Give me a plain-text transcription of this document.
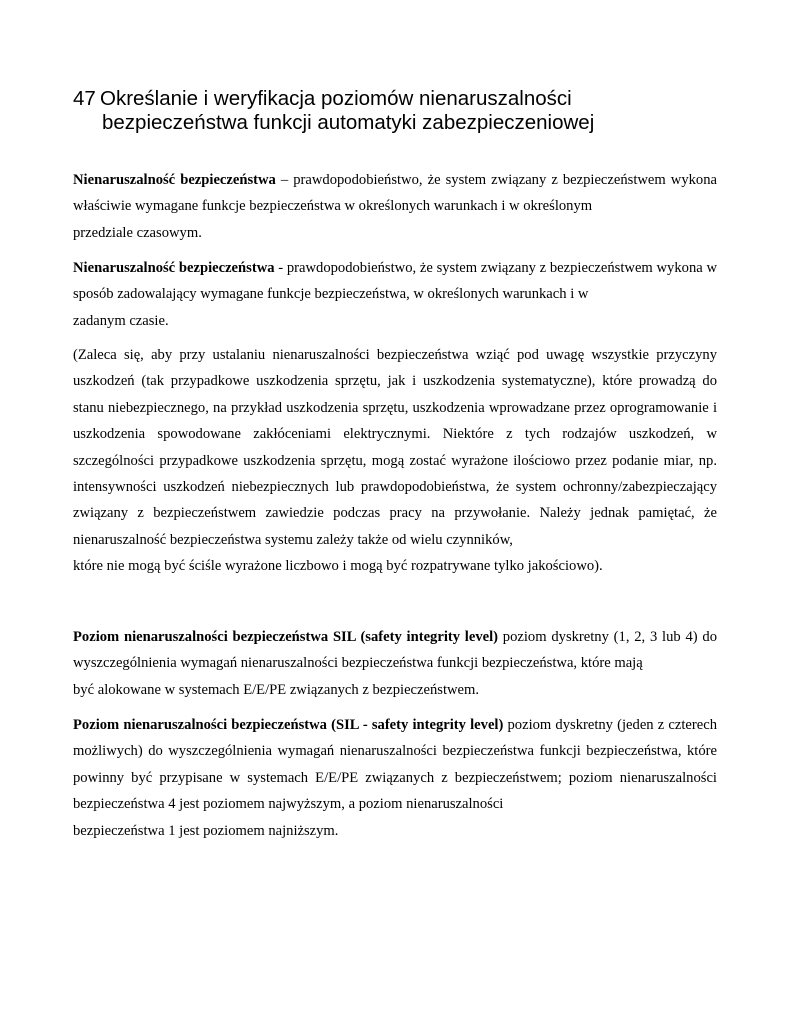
47 Określanie i weryfikacja poziomów nienaruszalności
bezpieczeństwa funkcji automatyki zabezpieczeniowej

Nienaruszalność bezpieczeństwa – prawdopodobieństwo, że system związany z bezpieczeństwem wykona właściwie wymagane funkcje bezpieczeństwa w określonych warunkach i w określonym
przedziale czasowym.

Nienaruszalność bezpieczeństwa - prawdopodobieństwo, że system związany z bezpieczeństwem wykona w sposób zadowalający wymagane funkcje bezpieczeństwa, w określonych warunkach i w
zadanym czasie.

(Zaleca się, aby przy ustalaniu nienaruszalności bezpieczeństwa wziąć pod uwagę wszystkie przyczyny uszkodzeń (tak przypadkowe uszkodzenia sprzętu, jak i uszkodzenia systematyczne), które prowadzą do stanu niebezpiecznego, na przykład uszkodzenia sprzętu, uszkodzenia wprowadzane przez oprogramowanie i uszkodzenia spowodowane zakłóceniami elektrycznymi. Niektóre z tych rodzajów uszkodzeń, w szczególności przypadkowe uszkodzenia sprzętu, mogą zostać wyrażone ilościowo przez podanie miar, np. intensywności uszkodzeń niebezpiecznych lub prawdopodobieństwa, że system ochronny/zabezpieczający związany z bezpieczeństwem zawiedzie podczas pracy na przywołanie. Należy jednak pamiętać, że nienaruszalność bezpieczeństwa systemu zależy także od wielu czynników,
które nie mogą być ściśle wyrażone liczbowo i mogą być rozpatrywane tylko jakościowo).

Poziom nienaruszalności bezpieczeństwa SIL (safety integrity level) poziom dyskretny (1, 2, 3 lub 4) do wyszczególnienia wymagań nienaruszalności bezpieczeństwa funkcji bezpieczeństwa, które mają
być alokowane w systemach E/E/PE związanych z bezpieczeństwem.

Poziom nienaruszalności bezpieczeństwa (SIL - safety integrity level) poziom dyskretny (jeden z czterech możliwych) do wyszczególnienia wymagań nienaruszalności bezpieczeństwa funkcji bezpieczeństwa, które powinny być przypisane w systemach E/E/PE związanych z bezpieczeństwem; poziom nienaruszalności bezpieczeństwa 4 jest poziomem najwyższym, a poziom nienaruszalności
bezpieczeństwa 1 jest poziomem najniższym.
